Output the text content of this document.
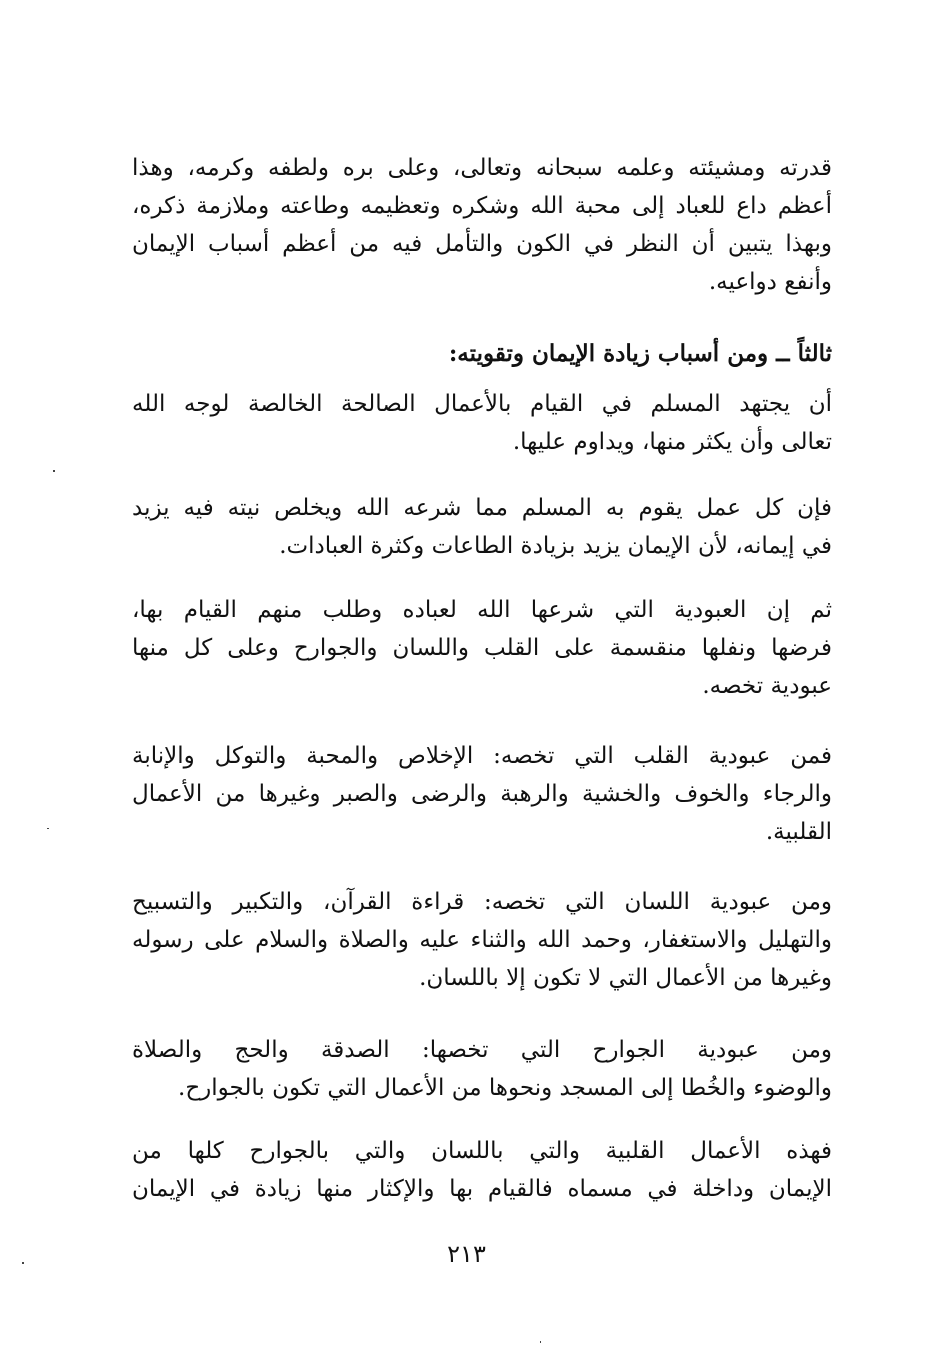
قدرته ومشيئته وعلمه سبحانه وتعالى، وعلى بره ولطفه وكرمه، وهذا
أعظم داع للعباد إلى محبة الله وشكره وتعظيمه وطاعته وملازمة ذكره،
وبهذا يتبين أن النظر في الكون والتأمل فيه من أعظم أسباب الإيمان
وأنفع دواعيه.
ثالثاً ــ ومن أسباب زيادة الإيمان وتقويته:
أن يجتهد المسلم في القيام بالأعمال الصالحة الخالصة لوجه الله
تعالى وأن يكثر منها، ويداوم عليها.
فإن كل عمل يقوم به المسلم مما شرعه الله ويخلص نيته فيه يزيد
في إيمانه، لأن الإيمان يزيد بزيادة الطاعات وكثرة العبادات.
ثم إن العبودية التي شرعها الله لعباده وطلب منهم القيام بها،
فرضها ونفلها منقسمة على القلب واللسان والجوارح وعلى كل منها
عبودية تخصه.
فمن عبودية القلب التي تخصه: الإخلاص والمحبة والتوكل والإنابة
والرجاء والخوف والخشية والرهبة والرضى والصبر وغيرها من الأعمال
القلبية.
ومن عبودية اللسان التي تخصه: قراءة القرآن، والتكبير والتسبيح
والتهليل والاستغفار، وحمد الله والثناء عليه والصلاة والسلام على رسوله
وغيرها من الأعمال التي لا تكون إلا باللسان.
ومن عبودية الجوارح التي تخصها: الصدقة والحج والصلاة
والوضوء والخُطا إلى المسجد ونحوها من الأعمال التي تكون بالجوارح.
فهذه الأعمال القلبية والتي باللسان والتي بالجوارح كلها من
الإيمان وداخلة في مسماه فالقيام بها والإكثار منها زيادة في الإيمان
٢١٣
